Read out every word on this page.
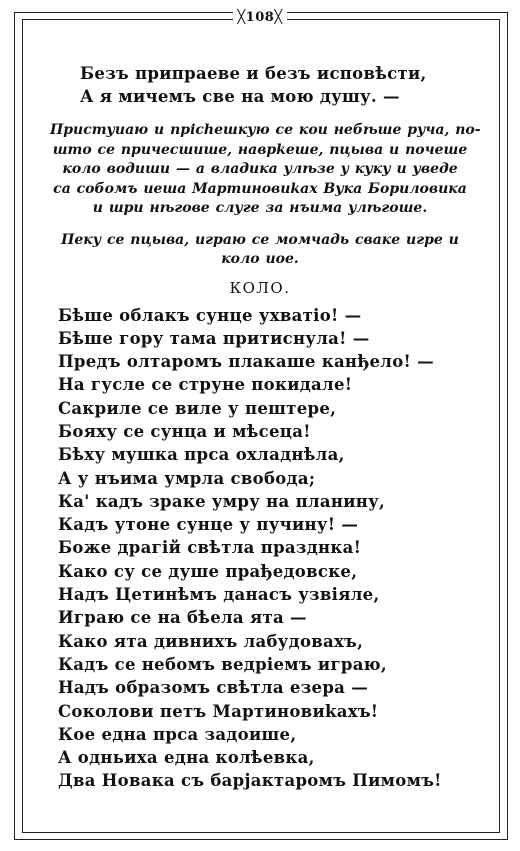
╳108╳
Безъ припраеве и безъ исповѣсти,
А я мичемъ све на мою душу. —
Пристуиаю и прicheшкую се кои небѣше руча, по-
што се причесшише, наврkеше, пцыва и почеше
коло водиши — а владика улѣзе у куку и уведе
са собомъ иеша Мартиновиkаx Вука Бориловика
и шри нѣгове слуге за нъима улѣгоше.
Пеку се пцыва, играю се момчадь свакe игре и
коло иое.
КОЛО.
Бѣше облакъ сунце ухватіо! —
Бѣше гору тама притиснула! —
Предъ олтаромъ плакаше канђело! —
На гусле се струне покидале!
Сакриле се виле у пештере,
Бояху се сунца и мѣсеца!
Бѣху мушка прса охладнѣла,
А у нъима умрла свобода;
Ка' кадъ зраке умру на планину,
Кадъ утоне сунце у пучину! —
Боже драгій свѣтла празднка!
Како су се душе прађедовске,
Надъ Цетинѣмъ данасъ узвіяле,
Играю се на бѣела ята —
Како ята дивнихъ лабудовахъ,
Кадъ се небомъ ведріемъ играю,
Надъ образомъ свѣтла езера —
Соколови петъ Мартиновиkаxъ!
Кое една прса задоише,
А одньиха една колѣевка,
Два Новака съ барјактаромъ Пимомъ!
